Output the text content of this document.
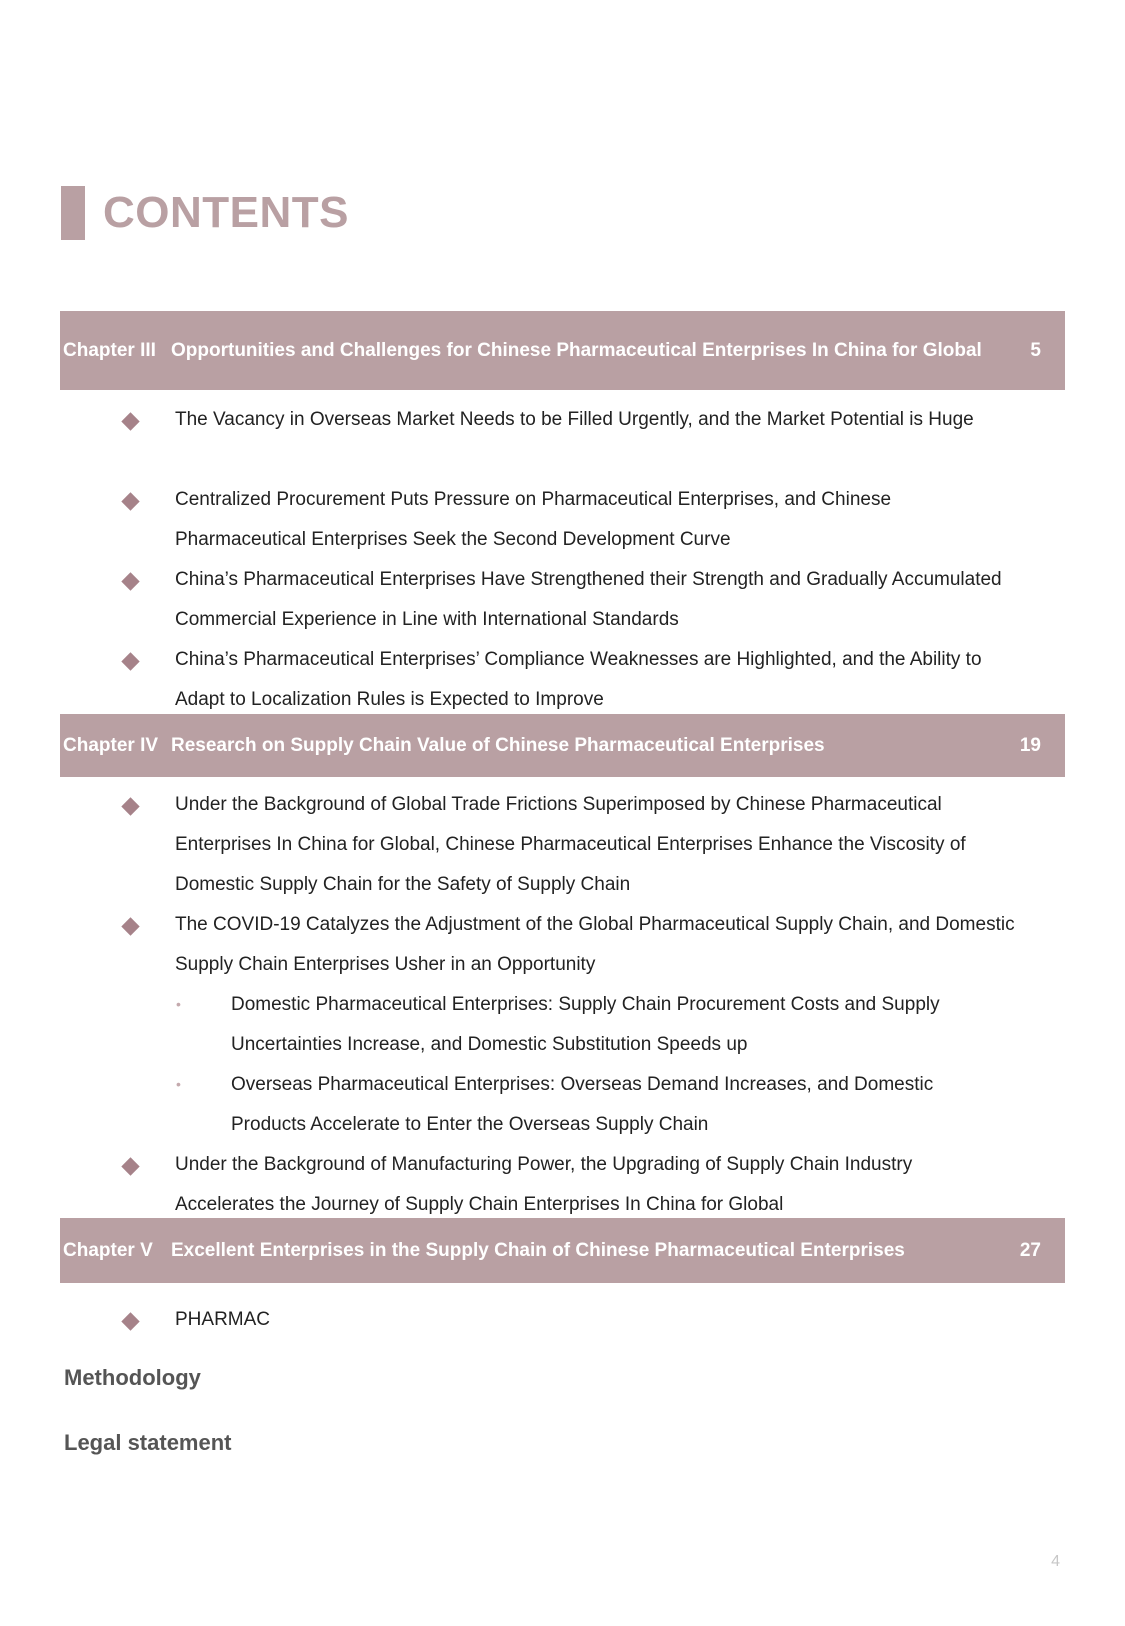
CONTENTS
Chapter III Opportunities and Challenges for Chinese Pharmaceutical Enterprises In China for Global	5
The Vacancy in Overseas Market Needs to be Filled Urgently, and the Market Potential is Huge
Centralized Procurement Puts Pressure on Pharmaceutical Enterprises, and Chinese Pharmaceutical Enterprises Seek the Second Development Curve
China’s Pharmaceutical Enterprises Have Strengthened their Strength and Gradually Accumulated Commercial Experience in Line with International Standards
China’s Pharmaceutical Enterprises’ Compliance Weaknesses are Highlighted, and the Ability to Adapt to Localization Rules is Expected to Improve
Chapter IV Research on Supply Chain Value of Chinese Pharmaceutical Enterprises	19
Under the Background of Global Trade Frictions Superimposed by Chinese Pharmaceutical Enterprises In China for Global, Chinese Pharmaceutical Enterprises Enhance the Viscosity of Domestic Supply Chain for the Safety of Supply Chain
The COVID-19 Catalyzes the Adjustment of the Global Pharmaceutical Supply Chain, and Domestic Supply Chain Enterprises Usher in an Opportunity
•	Domestic Pharmaceutical Enterprises: Supply Chain Procurement Costs and Supply Uncertainties Increase, and Domestic Substitution Speeds up
•	Overseas Pharmaceutical Enterprises: Overseas Demand Increases, and Domestic Products Accelerate to Enter the Overseas Supply Chain
Under the Background of Manufacturing Power, the Upgrading of Supply Chain Industry Accelerates the Journey of Supply Chain Enterprises In China for Global
Chapter V Excellent Enterprises in the Supply Chain of Chinese Pharmaceutical Enterprises	27
PHARMAC
Methodology
Legal statement
4
